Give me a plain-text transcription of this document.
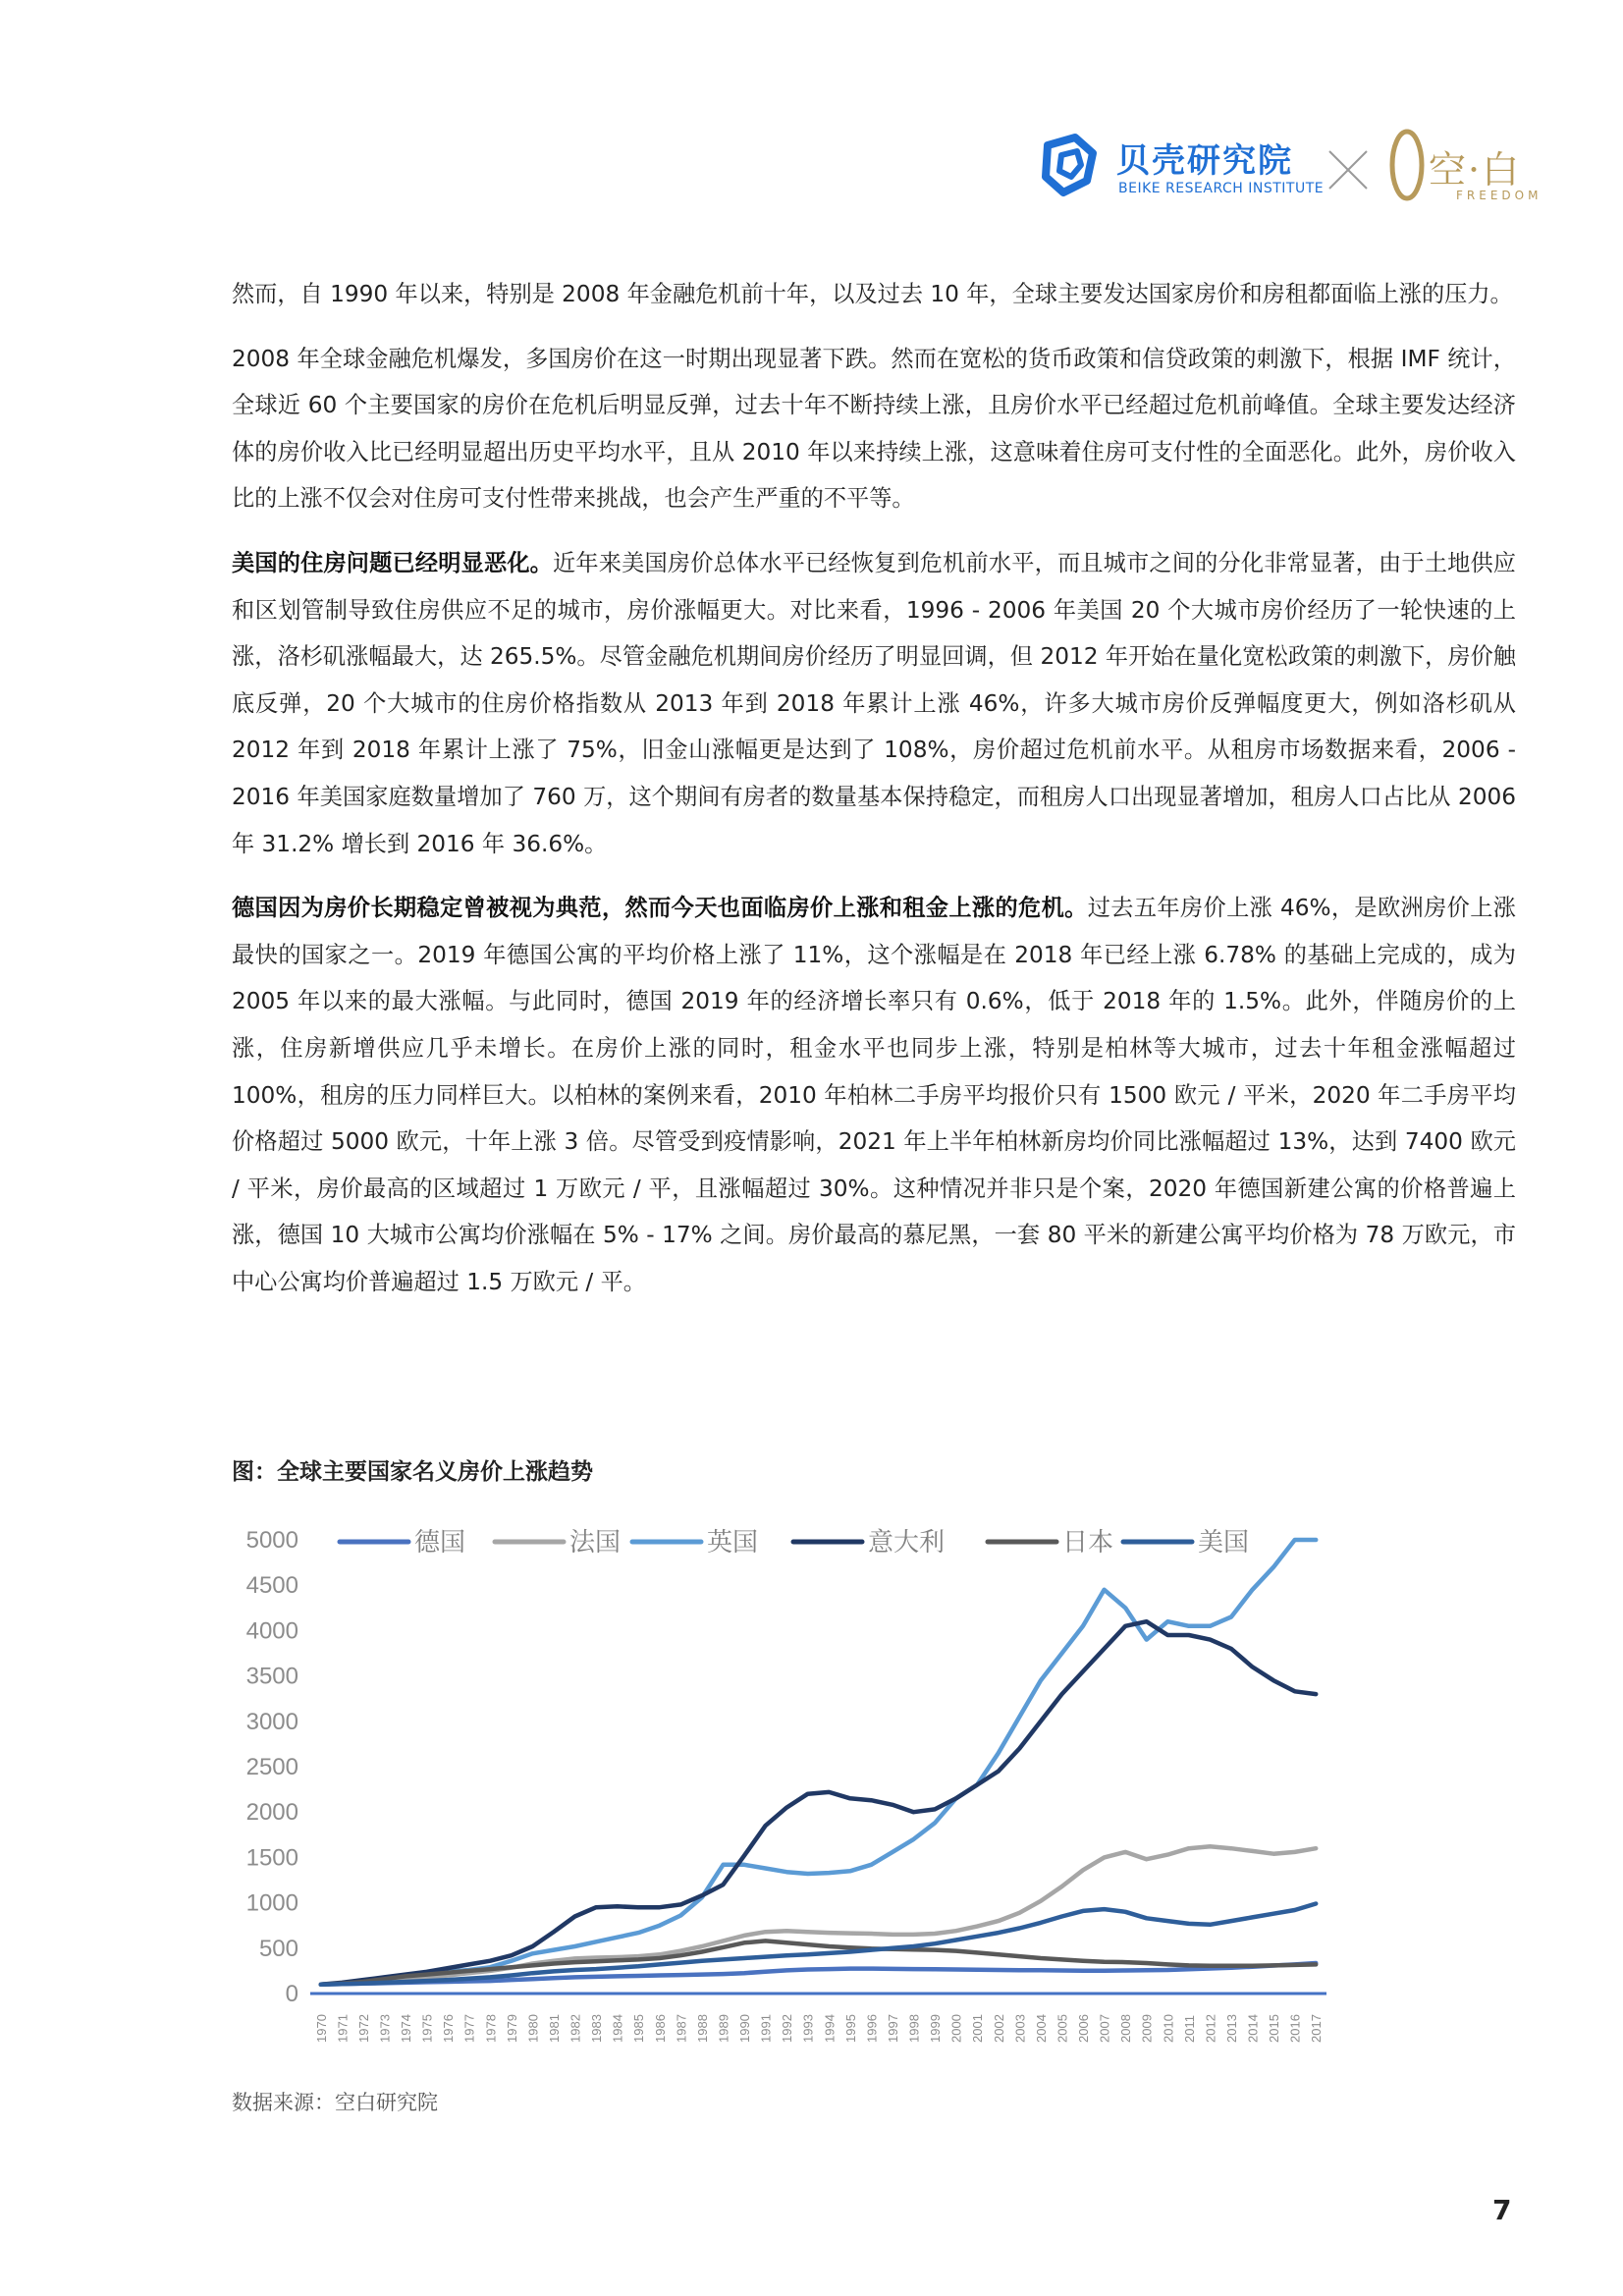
贝壳研究院
BEIKE RESEARCH INSTITUTE	空·白
FREEDOM

然而，自 1990 年以来，特别是 2008 年金融危机前十年，以及过去 10 年，全球主要发达国家房价和房租都面临上涨的压力。

2008 年全球金融危机爆发，多国房价在这一时期出现显著下跌。然而在宽松的货币政策和信贷政策的刺激下，根据 IMF 统计，全球近 60 个主要国家的房价在危机后明显反弹，过去十年不断持续上涨，且房价水平已经超过危机前峰值。全球主要发达经济体的房价收入比已经明显超出历史平均水平，且从 2010 年以来持续上涨，这意味着住房可支付性的全面恶化。此外，房价收入比的上涨不仅会对住房可支付性带来挑战，也会产生严重的不平等。

美国的住房问题已经明显恶化。近年来美国房价总体水平已经恢复到危机前水平，而且城市之间的分化非常显著，由于土地供应和区划管制导致住房供应不足的城市，房价涨幅更大。对比来看，1996 - 2006 年美国 20 个大城市房价经历了一轮快速的上涨，洛杉矶涨幅最大，达 265.5%。尽管金融危机期间房价经历了明显回调，但 2012 年开始在量化宽松政策的刺激下，房价触底反弹，20 个大城市的住房价格指数从 2013 年到 2018 年累计上涨 46%，许多大城市房价反弹幅度更大，例如洛杉矶从 2012 年到 2018 年累计上涨了 75%，旧金山涨幅更是达到了 108%，房价超过危机前水平。从租房市场数据来看，2006 - 2016 年美国家庭数量增加了 760 万，这个期间有房者的数量基本保持稳定，而租房人口出现显著增加，租房人口占比从 2006 年 31.2% 增长到 2016 年 36.6%。

德国因为房价长期稳定曾被视为典范，然而今天也面临房价上涨和租金上涨的危机。过去五年房价上涨 46%，是欧洲房价上涨最快的国家之一。2019 年德国公寓的平均价格上涨了 11%，这个涨幅是在 2018 年已经上涨 6.78% 的基础上完成的，成为 2005 年以来的最大涨幅。与此同时，德国 2019 年的经济增长率只有 0.6%，低于 2018 年的 1.5%。此外，伴随房价的上涨，住房新增供应几乎未增长。在房价上涨的同时，租金水平也同步上涨，特别是柏林等大城市，过去十年租金涨幅超过 100%，租房的压力同样巨大。以柏林的案例来看，2010 年柏林二手房平均报价只有 1500 欧元 / 平米，2020 年二手房平均价格超过 5000 欧元，十年上涨 3 倍。尽管受到疫情影响，2021 年上半年柏林新房均价同比涨幅超过 13%，达到 7400 欧元 / 平米，房价最高的区域超过 1 万欧元 / 平，且涨幅超过 30%。这种情况并非只是个案，2020 年德国新建公寓的价格普遍上涨，德国 10 大城市公寓均价涨幅在 5% - 17% 之间。房价最高的慕尼黑，一套 80 平米的新建公寓平均价格为 78 万欧元，市中心公寓均价普遍超过 1.5 万欧元 / 平。

图：全球主要国家名义房价上涨趋势
0
500
1000
1500
2000
2500
3000
3500
4000
4500
5000
1970 1971 1972 1973 1974 1975 1976 1977 1978 1979 1980 1981 1982 1983 1984 1985 1986 1987 1988 1989 1990 1991 1992 1993 1994 1995 1996 1997 1998 1999 2000 2001 2002 2003 2004 2005 2006 2007 2008 2009 2010 2011 2012 2013 2014 2015 2016 2017
德国	法国	英国	意大利	日本	美国
数据来源：空白研究院
7
